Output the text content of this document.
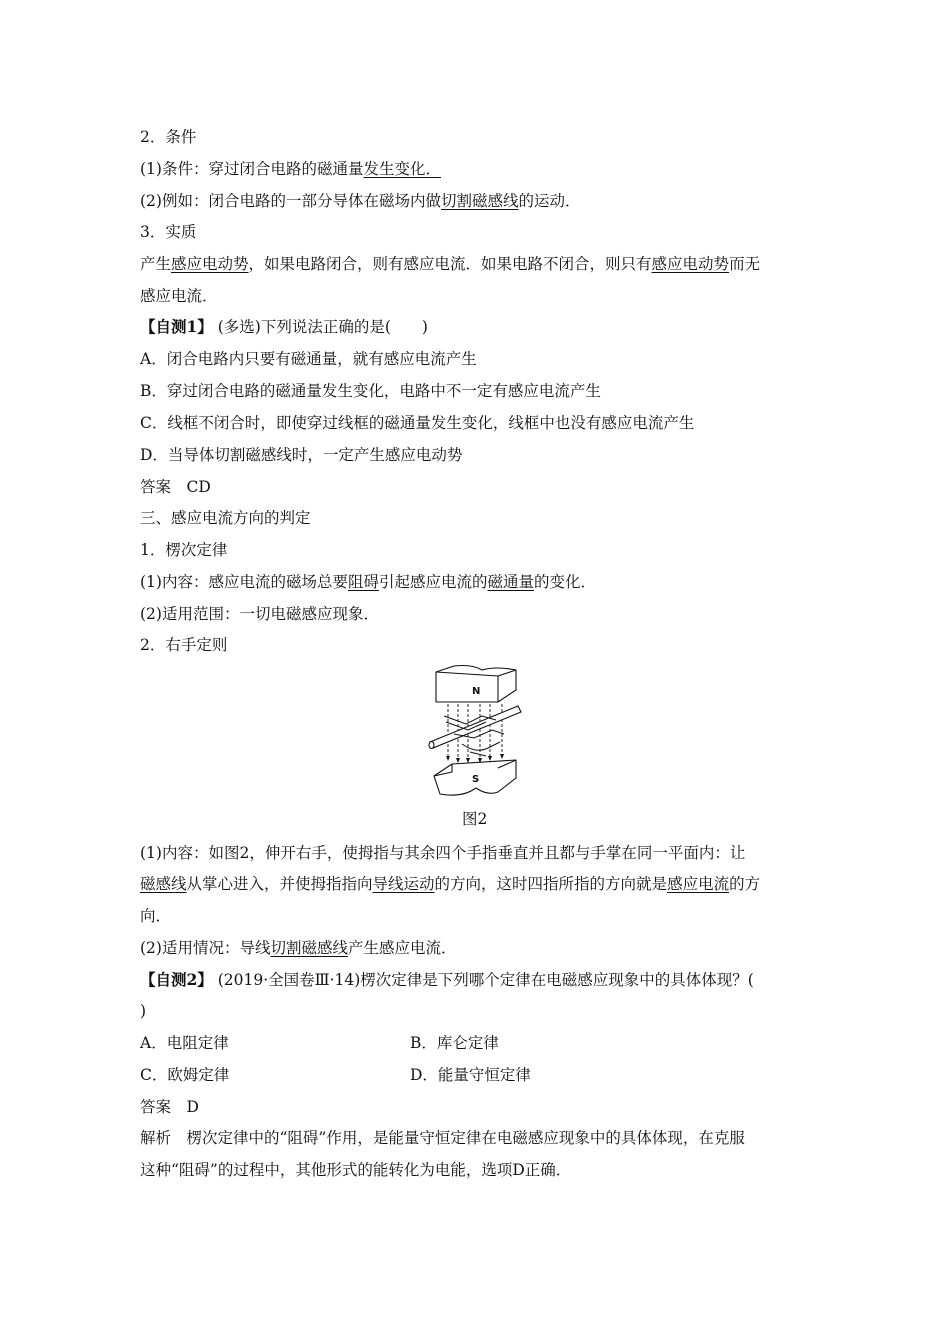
2．条件
(1)条件：穿过闭合电路的磁通量发生变化．
(2)例如：闭合电路的一部分导体在磁场内做切割磁感线的运动．
3．实质
产生感应电动势，如果电路闭合，则有感应电流．如果电路不闭合，则只有感应电动势而无
感应电流．
【自测1】 (多选)下列说法正确的是(　　)
A．闭合电路内只要有磁通量，就有感应电流产生
B．穿过闭合电路的磁通量发生变化，电路中不一定有感应电流产生
C．线框不闭合时，即使穿过线框的磁通量发生变化，线框中也没有感应电流产生
D．当导体切割磁感线时，一定产生感应电动势
答案　CD
三、感应电流方向的判定
1．楞次定律
(1)内容：感应电流的磁场总要阻碍引起感应电流的磁通量的变化．
(2)适用范围：一切电磁感应现象．
2．右手定则
N
S
图2
(1)内容：如图2，伸开右手，使拇指与其余四个手指垂直并且都与手掌在同一平面内：让
磁感线从掌心进入，并使拇指指向导线运动的方向，这时四指所指的方向就是感应电流的方
向．
(2)适用情况：导线切割磁感线产生感应电流．
【自测2】 (2019·全国卷Ⅲ·14)楞次定律是下列哪个定律在电磁感应现象中的具体体现？(
)
A．电阻定律	B．库仑定律
C．欧姆定律	D．能量守恒定律
答案　D
解析　楞次定律中的“阻碍”作用，是能量守恒定律在电磁感应现象中的具体体现，在克服
这种“阻碍”的过程中，其他形式的能转化为电能，选项D正确．
